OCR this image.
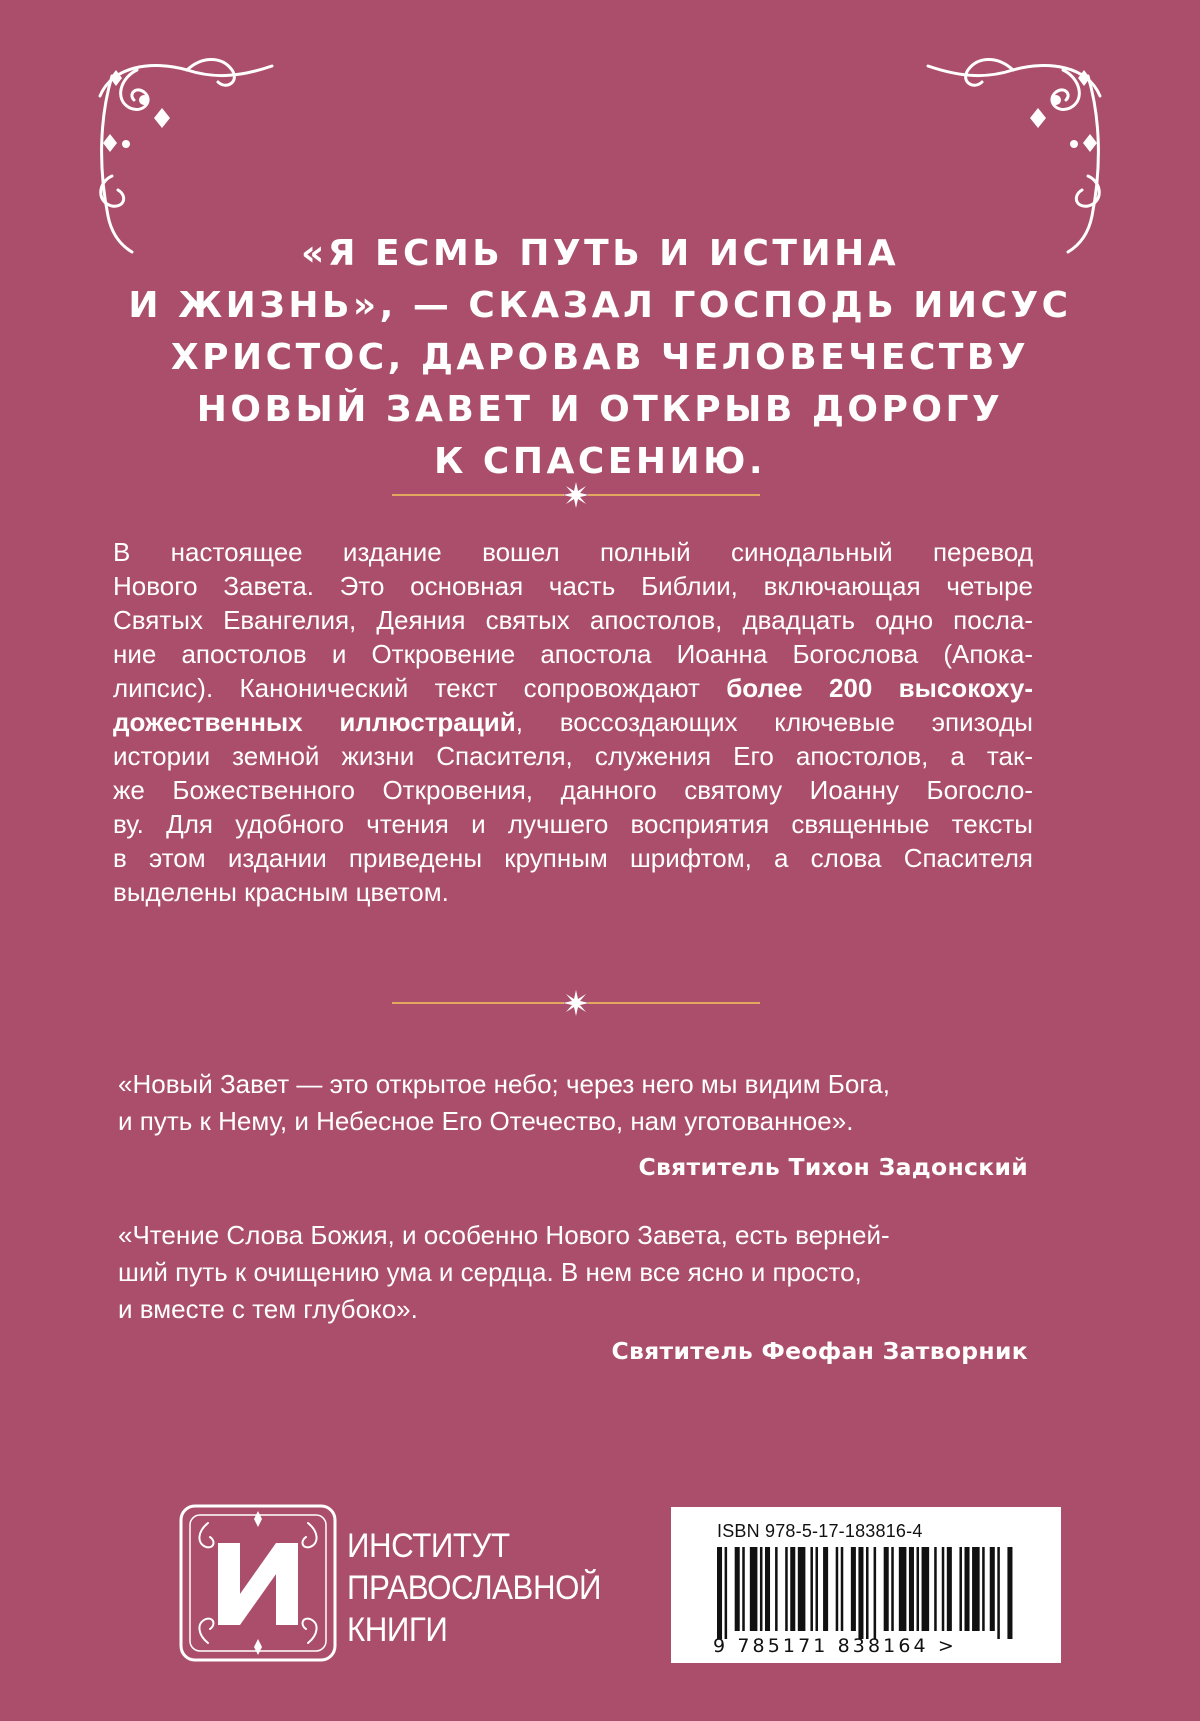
«Я ЕСМЬ ПУТЬ И ИСТИНА
И ЖИЗНЬ», — СКАЗАЛ ГОСПОДЬ ИИСУС
ХРИСТОС, ДАРОВАВ ЧЕЛОВЕЧЕСТВУ
НОВЫЙ ЗАВЕТ И ОТКРЫВ ДОРОГУ
К СПАСЕНИЮ.
В настоящее издание вошел полный синодальный перевод
Нового Завета. Это основная часть Библии, включающая четыре
Святых Евангелия, Деяния святых апостолов, двадцать одно посла-
ние апостолов и Откровение апостола Иоанна Богослова (Апока-
липсис). Канонический текст сопровождают более 200 высокоху-
дожественных иллюстраций, воссоздающих ключевые эпизоды
истории земной жизни Спасителя, служения Его апостолов, а так-
же Божественного Откровения, данного святому Иоанну Богосло-
ву. Для удобного чтения и лучшего восприятия священные тексты
в этом издании приведены крупным шрифтом, а слова Спасителя
выделены красным цветом.
«Новый Завет — это открытое небо; через него мы видим Бога,
и путь к Нему, и Небесное Его Отечество, нам уготованное».
Святитель Тихон Задонский
«Чтение Слова Божия, и особенно Нового Завета, есть верней-
ший путь к очищению ума и сердца. В нем все ясно и просто,
и вместе с тем глубоко».
Святитель Феофан Затворник
ИНСТИТУТ
ПРАВОСЛАВНОЙ
КНИГИ
ISBN 978-5-17-183816-4
9 785171 838164 >
